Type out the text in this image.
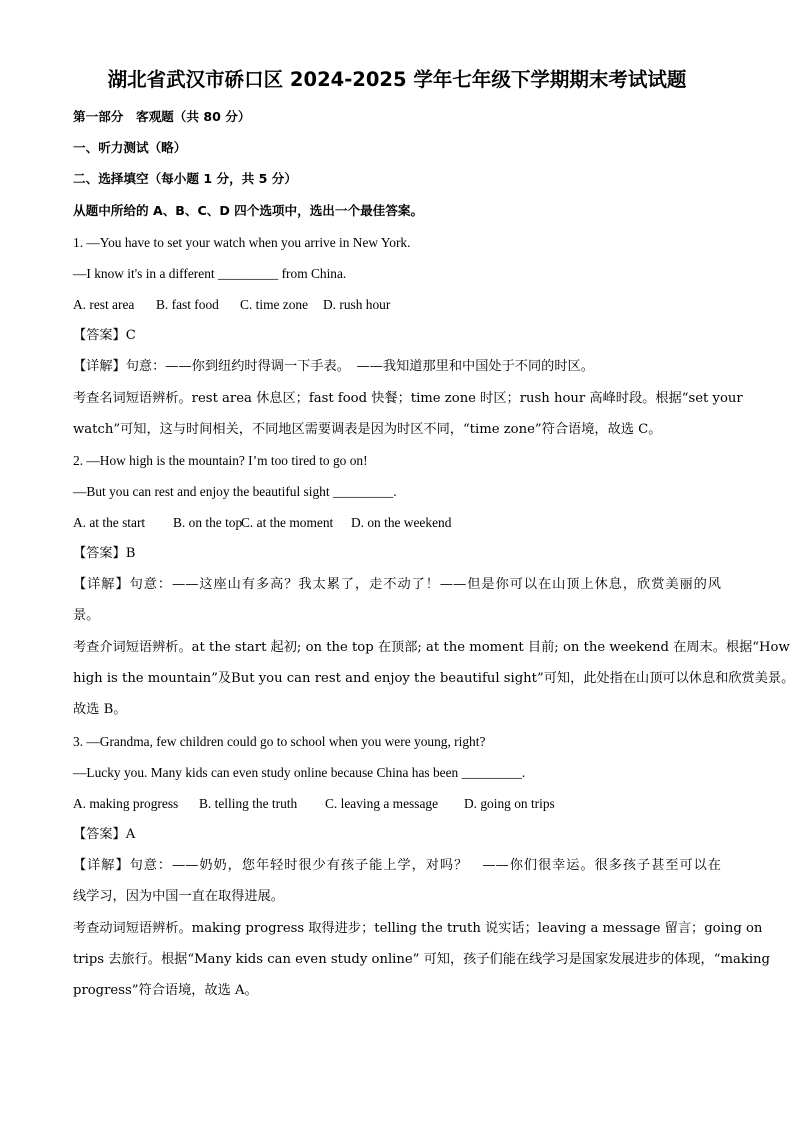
湖北省武汉市硚口区 2024-2025 学年七年级下学期期末考试试题
第一部分　客观题（共 80 分）
一、听力测试（略）
二、选择填空（每小题 1 分，共 5 分）
从题中所给的 A、B、C、D 四个选项中，选出一个最佳答案。
1. —You have to set your watch when you arrive in New York.
—I know it's in a different _________ from China.
A. rest area B. fast food C. time zone D. rush hour
【答案】C
【详解】句意：——你到纽约时得调一下手表。　——我知道那里和中国处于不同的时区。
考查名词短语辨析。rest area 休息区；fast food 快餐；time zone 时区；rush hour 高峰时段。根据“set your
watch”可知，这与时间相关，不同地区需要调表是因为时区不同，“time zone”符合语境，故选 C。
2. —How high is the mountain? I’m too tired to go on!
—But you can rest and enjoy the beautiful sight _________.
A. at the start B. on the topC. at the moment D. on the weekend
【答案】B
【详解】句意：——这座山有多高？我太累了，走不动了！——但是你可以在山顶上休息，欣赏美丽的风
景。
考查介词短语辨析。at the start 起初; on the top 在顶部; at the moment 目前; on the weekend 在周末。根据“How
high is the mountain”及But you can rest and enjoy the beautiful sight”可知，此处指在山顶可以休息和欣赏美景。
故选 B。
3. —Grandma, few children could go to school when you were young, right?
—Lucky you. Many kids can even study online because China has been _________.
A. making progress B. telling the truth C. leaving a message D. going on trips
【答案】A
【详解】句意：——奶奶，您年轻时很少有孩子能上学，对吗？　——你们很幸运。很多孩子甚至可以在
线学习，因为中国一直在取得进展。
考查动词短语辨析。making progress 取得进步；telling the truth 说实话；leaving a message 留言；going on
trips 去旅行。根据“Many kids can even study online” 可知，孩子们能在线学习是国家发展进步的体现，“making
progress”符合语境，故选 A。
